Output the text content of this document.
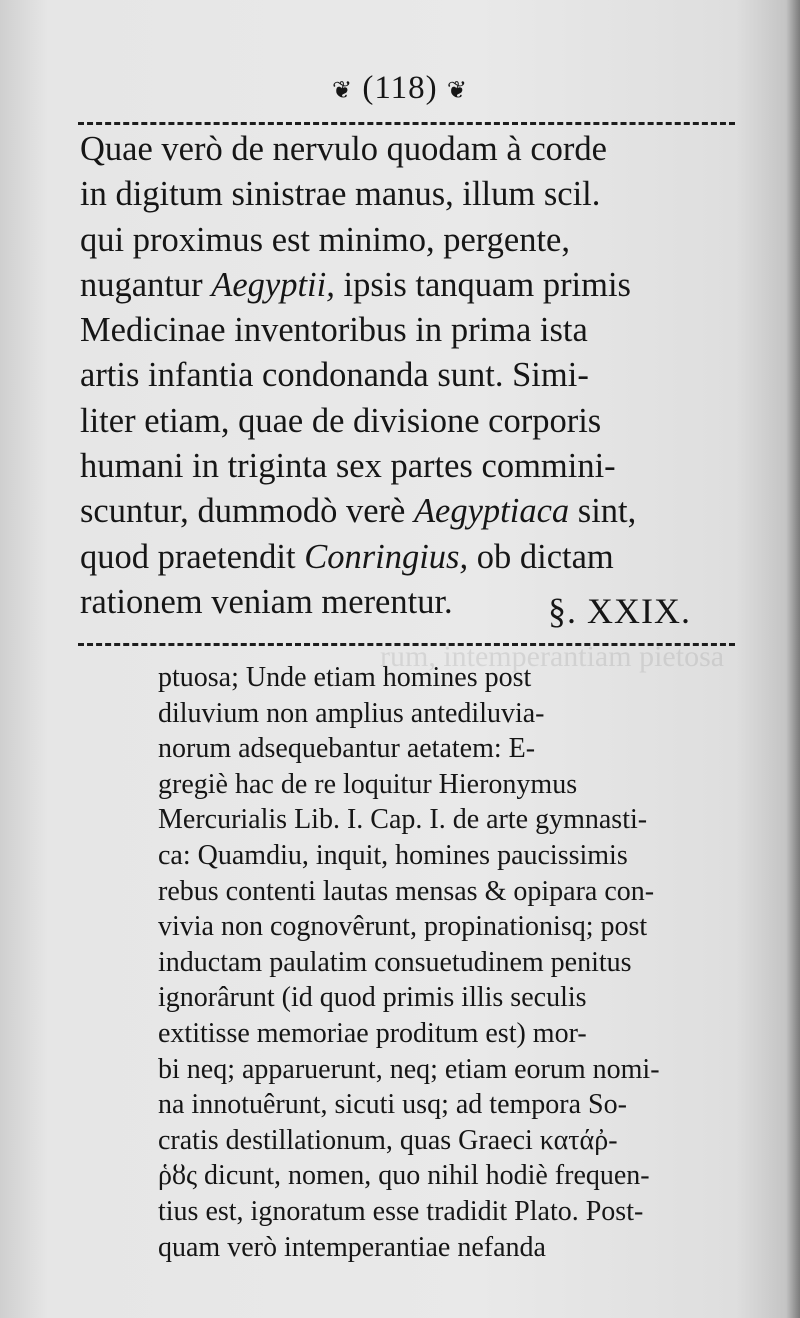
rum, intemperantiam pietosa
❦ (118) ❦
Quae verò de nervulo quodam à corde
in digitum sinistrae manus, illum scil.
qui proximus est minimo, pergente,
nugantur Aegyptii, ipsis tanquam primis
Medicinae inventoribus in prima ista
artis infantia condonanda sunt. Simi-
liter etiam, quae de divisione corporis
humani in triginta sex partes commini-
scuntur, dummodò verè Aegyptiaca sint,
quod praetendit Conringius, ob dictam
rationem veniam merentur.	§. XXIX.
ptuosa; Unde etiam homines post
diluvium non amplius antediluvia-
norum adsequebantur aetatem: E-
gregiè hac de re loquitur Hieronymus
Mercurialis Lib. I. Cap. I. de arte gymnasti-
ca: Quamdiu, inquit, homines paucissimis
rebus contenti lautas mensas & opipara con-
vivia non cognovêrunt, propinationisq; post
inductam paulatim consuetudinem penitus
ignorârunt (id quod primis illis seculis
extitisse memoriae proditum est) mor-
bi neq; apparuerunt, neq; etiam eorum nomi-
na innotuêrunt, sicuti usq; ad tempora So-
cratis destillationum, quas Graeci κατάῤ-
ῥȣς dicunt, nomen, quo nihil hodiè frequen-
tius est, ignoratum esse tradidit Plato. Post-
quam verò intemperantiae nefanda
